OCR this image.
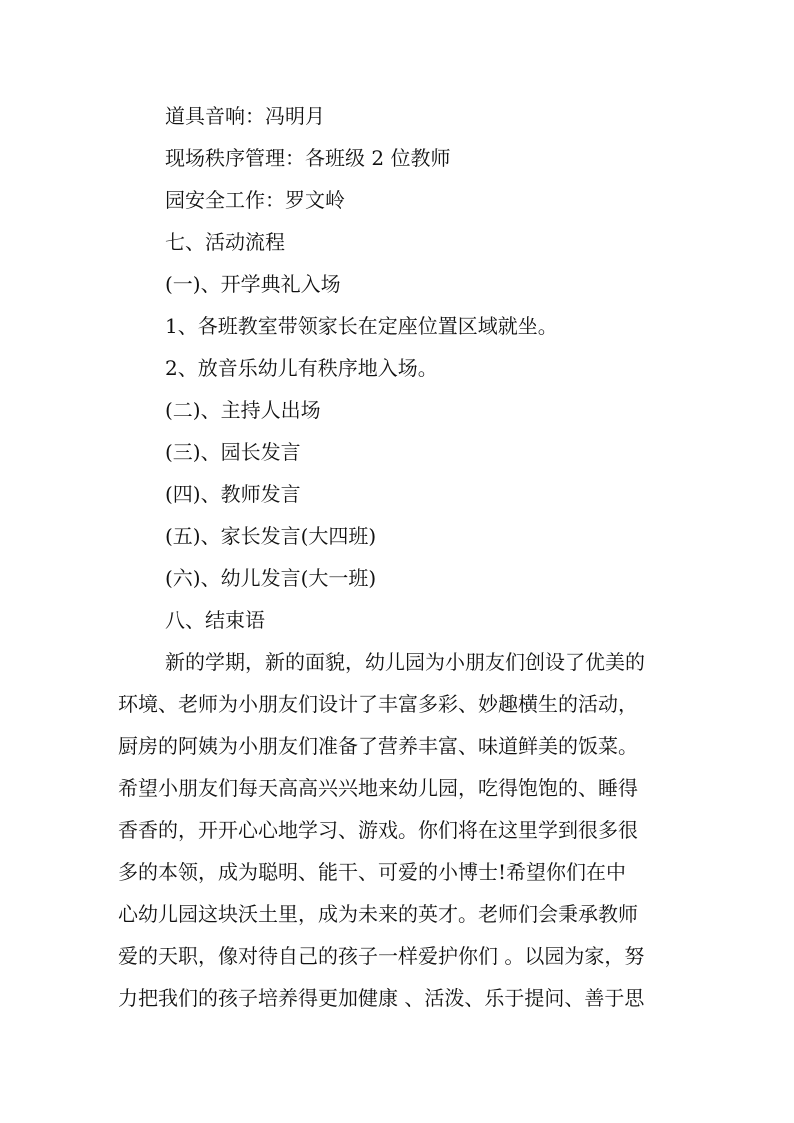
道具音响：冯明月
现场秩序管理：各班级 2 位教师
园安全工作：罗文岭
七、活动流程
(一)、开学典礼入场
1、各班教室带领家长在定座位置区域就坐。
2、放音乐幼儿有秩序地入场。
(二)、主持人出场
(三)、园长发言
(四)、教师发言
(五)、家长发言(大四班)
(六)、幼儿发言(大一班)
八、结束语
新的学期，新的面貌，幼儿园为小朋友们创设了优美的
环境、老师为小朋友们设计了丰富多彩、妙趣横生的活动，
厨房的阿姨为小朋友们准备了营养丰富、味道鲜美的饭菜。
希望小朋友们每天高高兴兴地来幼儿园，吃得饱饱的、睡得
香香的，开开心心地学习、游戏。你们将在这里学到很多很
多的本领，成为聪明、能干、可爱的小博士!希望你们在中
心幼儿园这块沃土里，成为未来的英才。老师们会秉承教师
爱的天职，像对待自己的孩子一样爱护你们 。以园为家，努
力把我们的孩子培养得更加健康 、活泼、乐于提问、善于思
